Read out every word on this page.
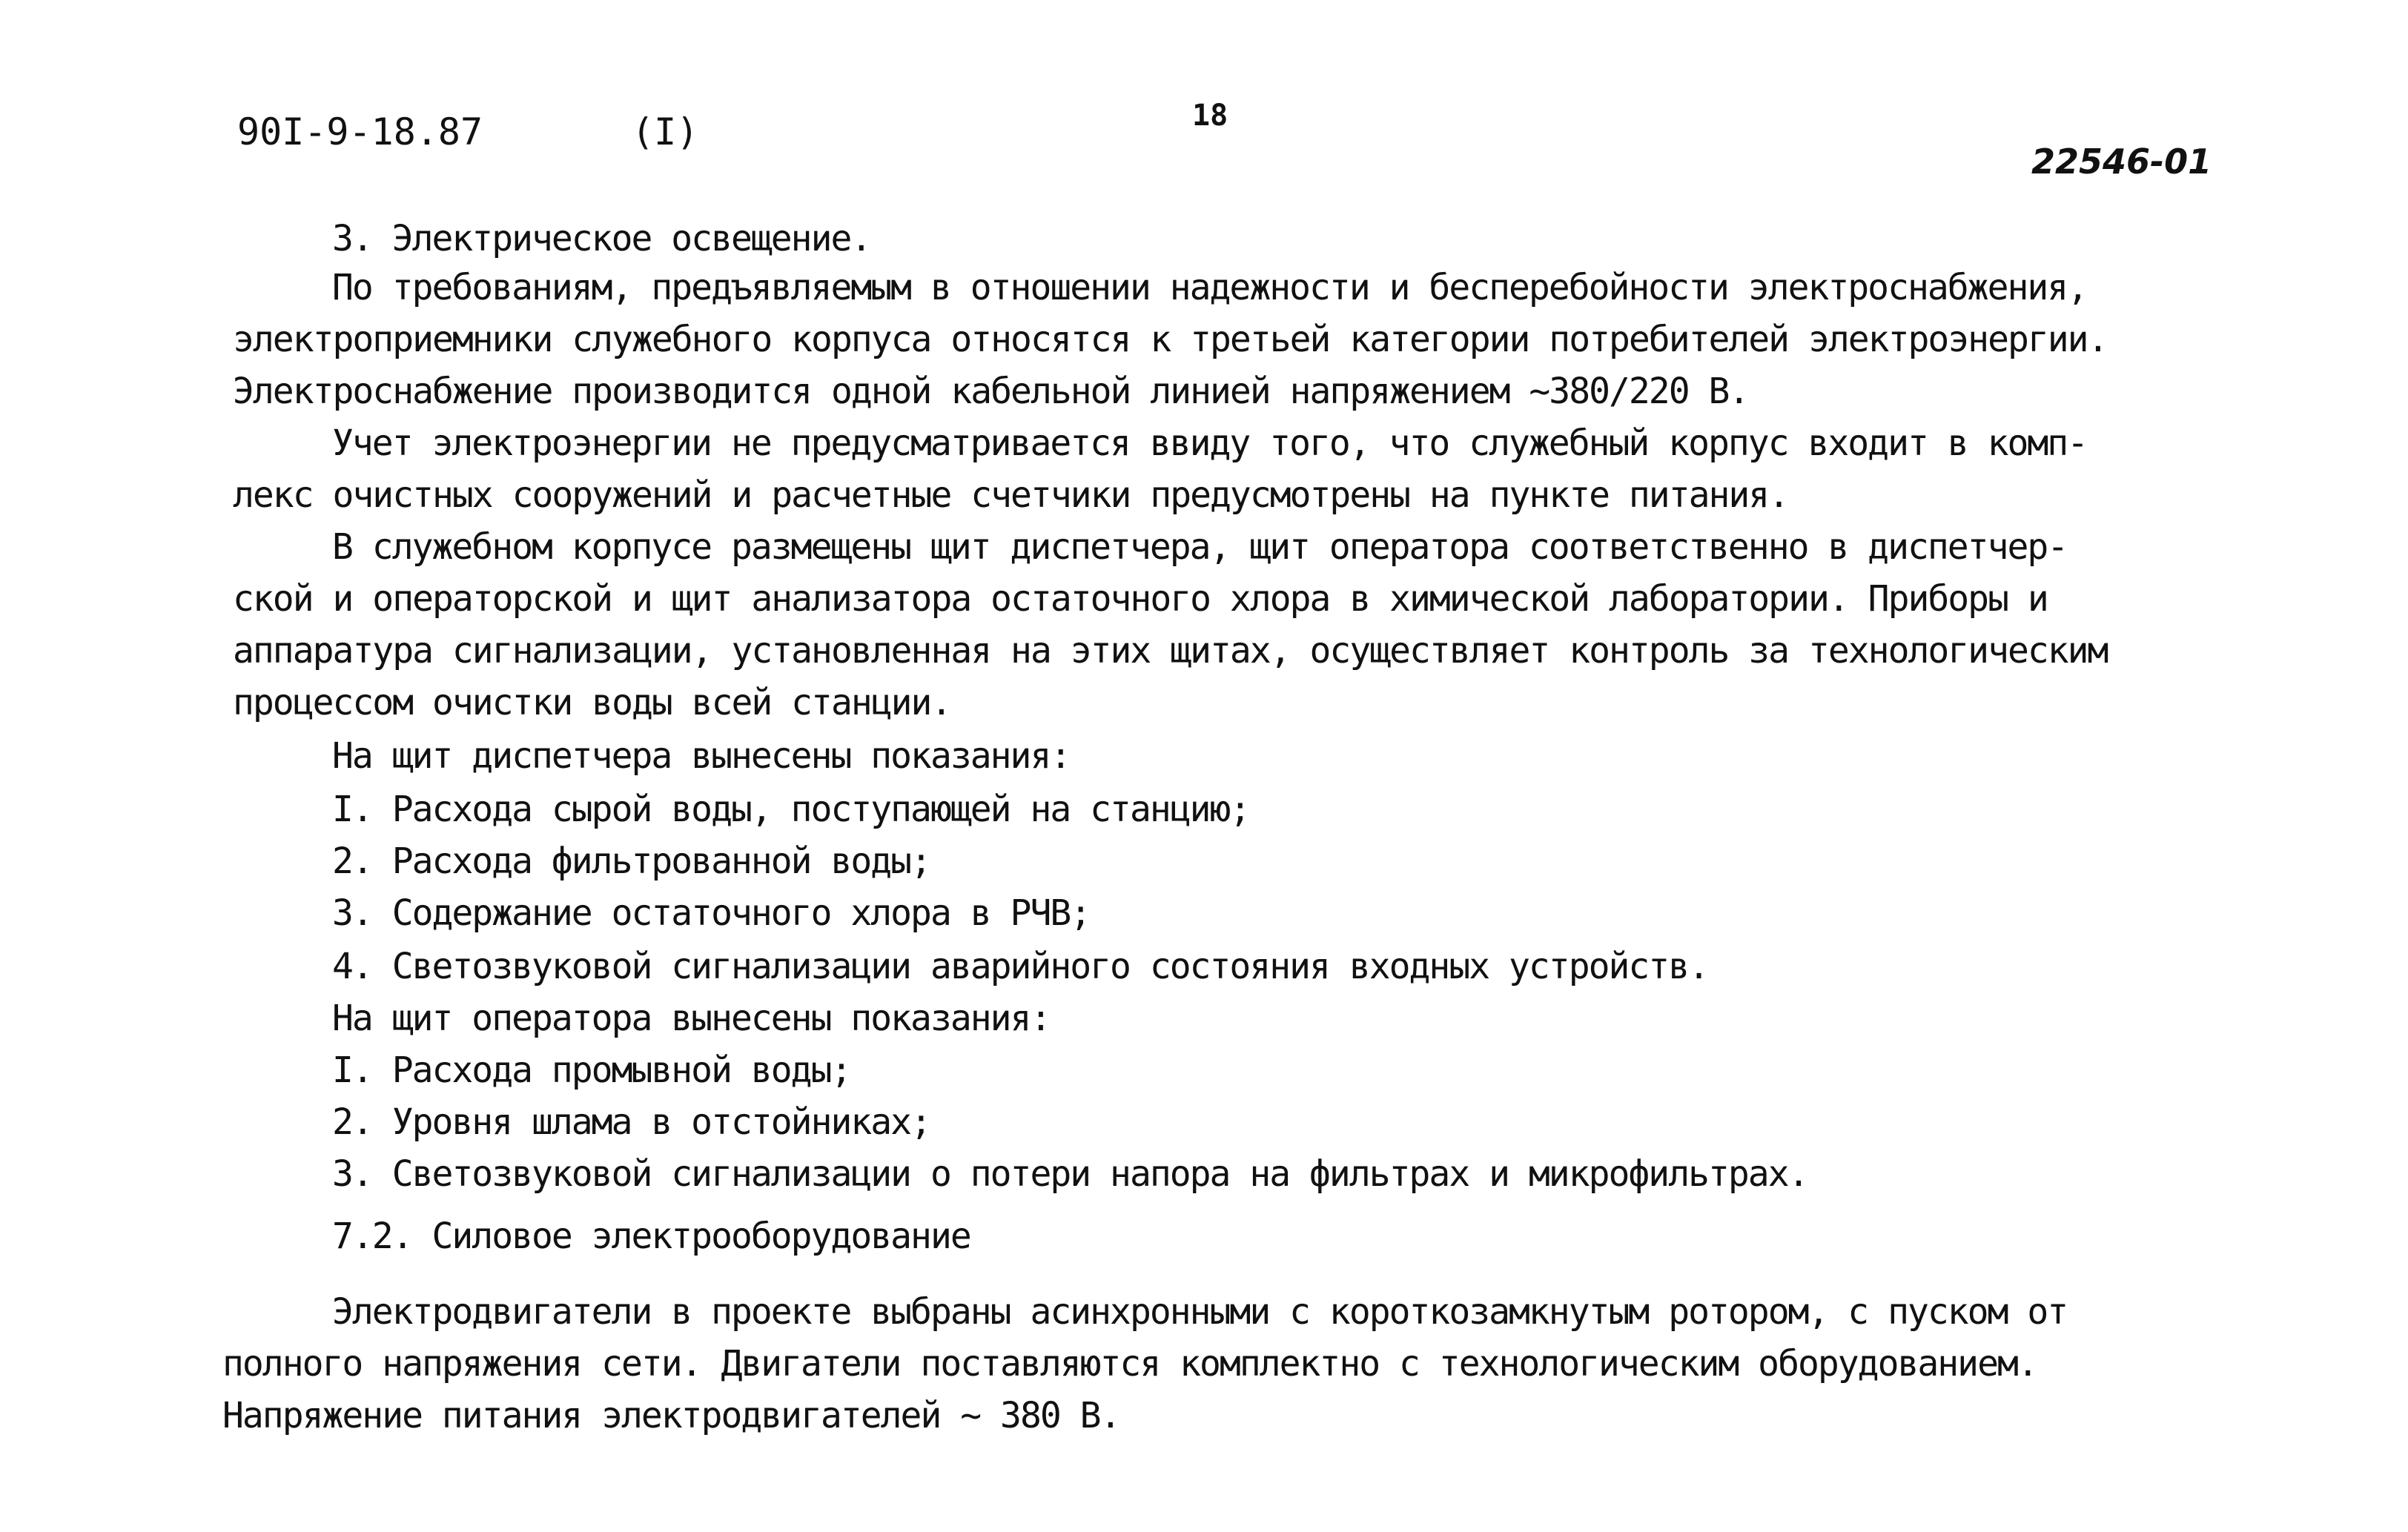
90I-9-18.87	(I)	18
22546-01
3. Электрическое освещение.
По требованиям, предъявляемым в отношении надежности и бесперебойности электроснабжения,
электроприемники служебного корпуса относятся к третьей категории потребителей электроэнергии.
Электроснабжение производится одной кабельной линией напряжением ~380/220 В.
Учет электроэнергии не предусматривается ввиду того, что служебный корпус входит в комп-
лекс очистных сооружений и расчетные счетчики предусмотрены на пункте питания.
В служебном корпусе размещены щит диспетчера, щит оператора соответственно в диспетчер-
ской и операторской и щит анализатора остаточного хлора в химической лаборатории. Приборы и
аппаратура сигнализации, установленная на этих щитах, осуществляет контроль за технологическим
процессом очистки воды всей станции.
На щит диспетчера вынесены показания:
I. Расхода сырой воды, поступающей на станцию;
2. Расхода фильтрованной воды;
3. Содержание остаточного хлора в РЧВ;
4. Светозвуковой сигнализации аварийного состояния входных устройств.
На щит оператора вынесены показания:
I. Расхода промывной воды;
2. Уровня шлама в отстойниках;
3. Светозвуковой сигнализации о потери напора на фильтрах и микрофильтрах.
7.2. Силовое электрооборудование
Электродвигатели в проекте выбраны асинхронными с короткозамкнутым ротором, с пуском от
полного напряжения сети. Двигатели поставляются комплектно с технологическим оборудованием.
Напряжение питания электродвигателей ~ 380 В.
